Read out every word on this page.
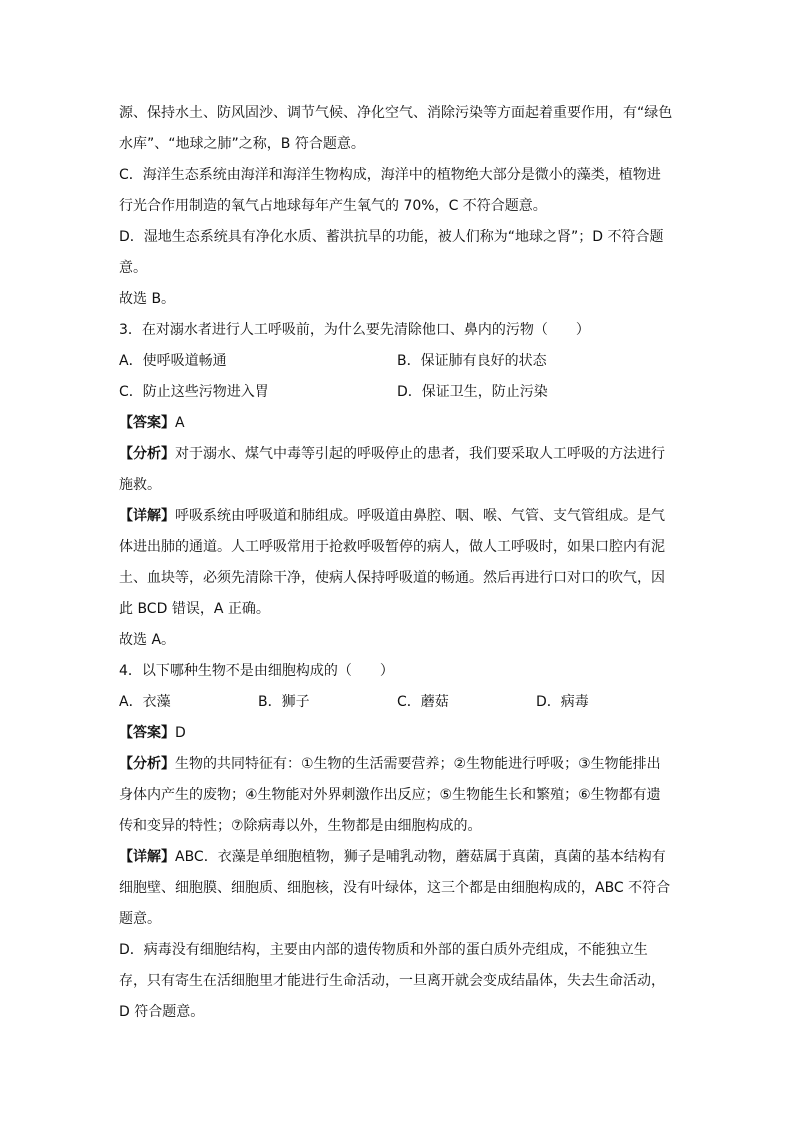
源、保持水土、防风固沙、调节气候、净化空气、消除污染等方面起着重要作用，有“绿色
水库”、“地球之肺”之称，B 符合题意。
C．海洋生态系统由海洋和海洋生物构成，海洋中的植物绝大部分是微小的藻类，植物进
行光合作用制造的氧气占地球每年产生氧气的 70%，C 不符合题意。
D．湿地生态系统具有净化水质、蓄洪抗旱的功能，被人们称为“地球之肾”；D 不符合题
意。
故选 B。
3．在对溺水者进行人工呼吸前，为什么要先清除他口、鼻内的污物（　　）
A．使呼吸道畅通	B．保证肺有良好的状态
C．防止这些污物进入胃	D．保证卫生，防止污染
【答案】A
【分析】对于溺水、煤气中毒等引起的呼吸停止的患者，我们要采取人工呼吸的方法进行
施救。
【详解】呼吸系统由呼吸道和肺组成。呼吸道由鼻腔、咽、喉、气管、支气管组成。是气
体进出肺的通道。人工呼吸常用于抢救呼吸暂停的病人，做人工呼吸时，如果口腔内有泥
土、血块等，必须先清除干净，使病人保持呼吸道的畅通。然后再进行口对口的吹气，因
此 BCD 错误，A 正确。
故选 A。
4．以下哪种生物不是由细胞构成的（　　）
A．衣藻	B．狮子	C．蘑菇	D．病毒
【答案】D
【分析】生物的共同特征有：①生物的生活需要营养；②生物能进行呼吸；③生物能排出
身体内产生的废物；④生物能对外界刺激作出反应；⑤生物能生长和繁殖；⑥生物都有遗
传和变异的特性；⑦除病毒以外，生物都是由细胞构成的。
【详解】ABC．衣藻是单细胞植物，狮子是哺乳动物，蘑菇属于真菌，真菌的基本结构有
细胞壁、细胞膜、细胞质、细胞核，没有叶绿体，这三个都是由细胞构成的，ABC 不符合
题意。
D．病毒没有细胞结构，主要由内部的遗传物质和外部的蛋白质外壳组成，不能独立生
存，只有寄生在活细胞里才能进行生命活动，一旦离开就会变成结晶体，失去生命活动，
D 符合题意。
